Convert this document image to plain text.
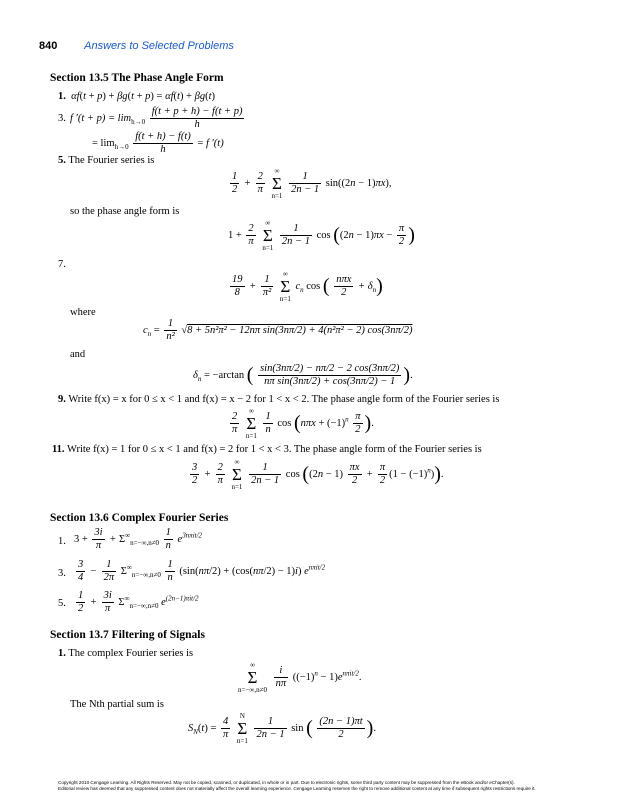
840 Answers to Selected Problems
Section 13.5 The Phase Angle Form
1.  αf(t + p) + βg(t + p) = αf(t) + βg(t)
3. f $'(t + p) = \lim_{h\to 0} \frac{f(t + p + h) - f(t + p)}{h}$
= $\lim_{h\to 0} \frac{f(t + h) - f(t)}{h} = f$ ′(t)
5. The Fourier series is
$\frac{1}{2} + \frac{2}{\pi}$ ∞
Σ
$n=1 \frac{1}{2n - 1} \sin((2n - 1)\pi x)$,
so the phase angle form is
$1 + \frac{2}{\pi}$ ∞
Σ
$n=1 \frac{1}{2n - 1}$ $\cos ((2n - 1)\pi x - \frac{\pi}{2}$ )
7.
$\frac{19}{8} + \frac{1}{\text{π²}}$ ∞
Σ
n=1 $c_n$ cos ( $\frac{\text{nπx}}{2} + \delta_n$)
where
$c_n = \frac{1}{\text{n²}} √8 + 5n^2\pi^2 - 12n\pi$ sin(3nπ/2) + 4(n²π² − 2) cos(3nπ/2)
and
$\delta_n = -\arctan$ ( $\frac{\sin(3n\pi/2) - n\pi/2 - 2 \cos(3n\pi/2)}{\text{nπ sin(3nπ/2) + cos(3nπ/2) − 1}}$ ).
9. Write f(x) = x for 0 ≤ x < 1 and f(x) = x − 2 for 1 < x < 2. The phase angle form of the Fourier series is
$\frac{2}{\pi}$ ∞
Σ
$n=1 \frac{1}{n}$ $\cos (n\pi x + (-1)^n \frac{\pi}{2}$ ).
11. Write f(x) = 1 for 0 ≤ x < 1 and f(x) = 2 for 1 < x < 3. The phase angle form of the Fourier series is
$\frac{3}{2} + \frac{2}{\pi}$ ∞
Σ
$n=1 \frac{1}{2n - 1}$ $\cos ((2n - 1) \frac{\pi x}{2} + \frac{\pi}{2} (1 - (-1)^n))$.
Section 13.6 Complex Fourier Series
1. $3 + \frac{3i}{\pi} + \Sigma^\infty_{n=-\infty,n\ne 0} \frac{1}{n} e^{3n\pi it/2}$
3. $\frac{3}{4} - \frac{1}{2\pi} \Sigma^\infty_{n=-\infty,n\ne 0} \frac{1}{n} (\sin(n\pi/2) + (\cos(n\pi/2) - 1)i)$ $e^{n\pi it/2}$
5. $\frac{1}{2} + \frac{3i}{\pi} \Sigma^\infty_{n=-\infty,n\ne 0}$ $e^{(2n-1)\pi it/2}$
Section 13.7 Filtering of Signals
1. The complex Fourier series is
∞
Σ
$n=-\infty,n\ne 0 \frac{i}{n\pi} ((-1)^n - 1)e^{n\pi it/2}$.
The Nth partial sum is
$S_N(t) = \frac{4}{\pi}$ N
Σ
$n=1 \frac{1}{2n - 1}$ sin ( $\frac{(2n - 1)\pi t}{2}$ ).
Copyright 2010 Cengage Learning. All Rights Reserved. May not be copied, scanned, or duplicated, in whole or in part. Due to electronic rights, some third party content may be suppressed from the eBook and/or eChapter(s).
Editorial review has deemed that any suppressed content does not materially affect the overall learning experience. Cengage Learning reserves the right to remove additional content at any time if subsequent rights restrictions require it.
